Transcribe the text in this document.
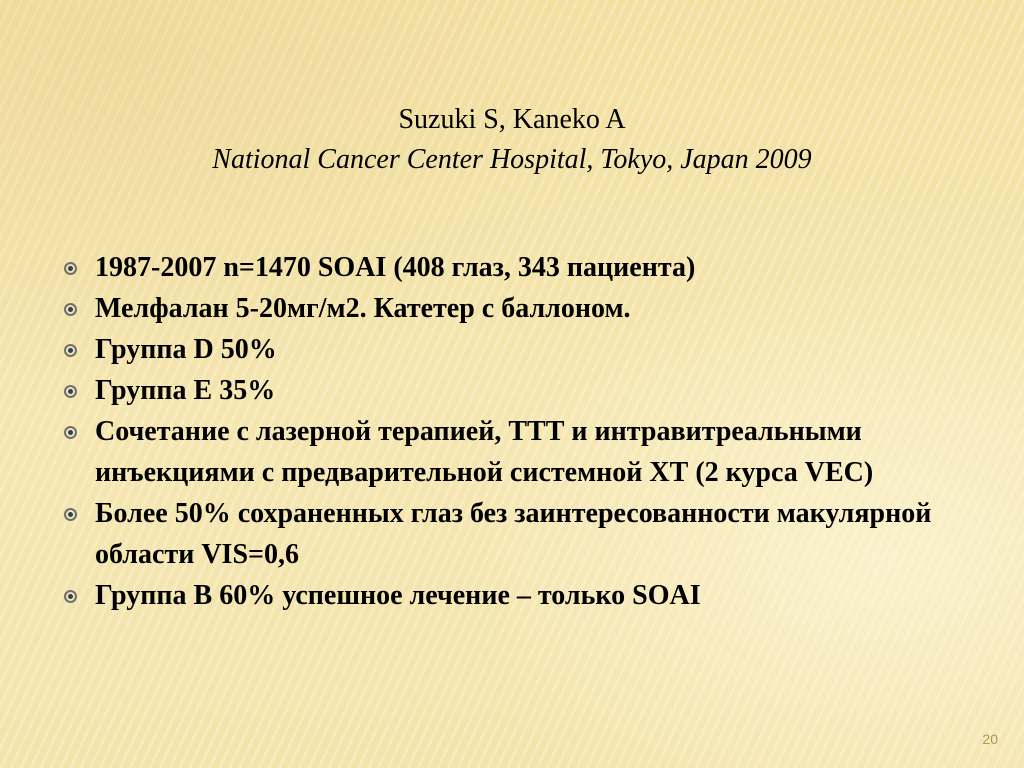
Suzuki S, Kaneko A
National Cancer Center Hospital, Tokyo, Japan 2009
1987-2007 n=1470 SOAI (408 глаз, 343 пациента)
Мелфалан 5-20мг/м2. Катетер с баллоном.
Группа D 50%
Группа E 35%
Сочетание с лазерной терапией, ТТТ и интравитреальными инъекциями с предварительной системной ХТ (2 курса VEC)
Более 50% сохраненных глаз без заинтересованности макулярной области VIS=0,6
Группа В 60% успешное лечение – только SOAI
20
